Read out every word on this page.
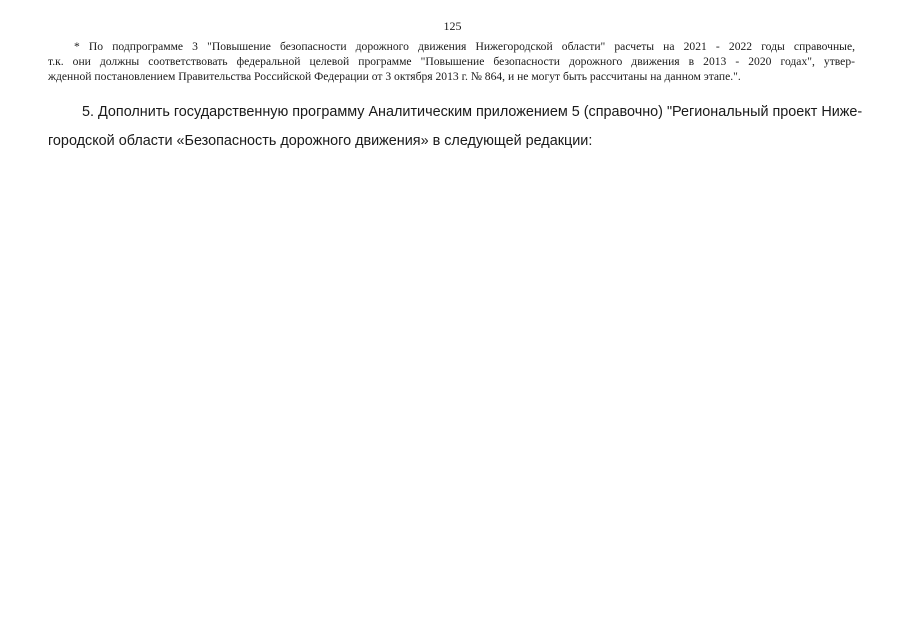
125
* По подпрограмме 3 "Повышение безопасности дорожного движения Нижегородской области" расчеты на 2021 - 2022 годы справочные,
т.к. они должны соответствовать федеральной целевой программе "Повышение безопасности дорожного движения в 2013 - 2020 годах", утвер-
жденной постановлением Правительства Российской Федерации от 3 октября 2013 г. № 864, и не могут быть рассчитаны на данном этапе.".
5. Дополнить государственную программу Аналитическим приложением 5 (справочно) "Региональный проект Ниже-
городской области «Безопасность дорожного движения» в следующей редакции:
